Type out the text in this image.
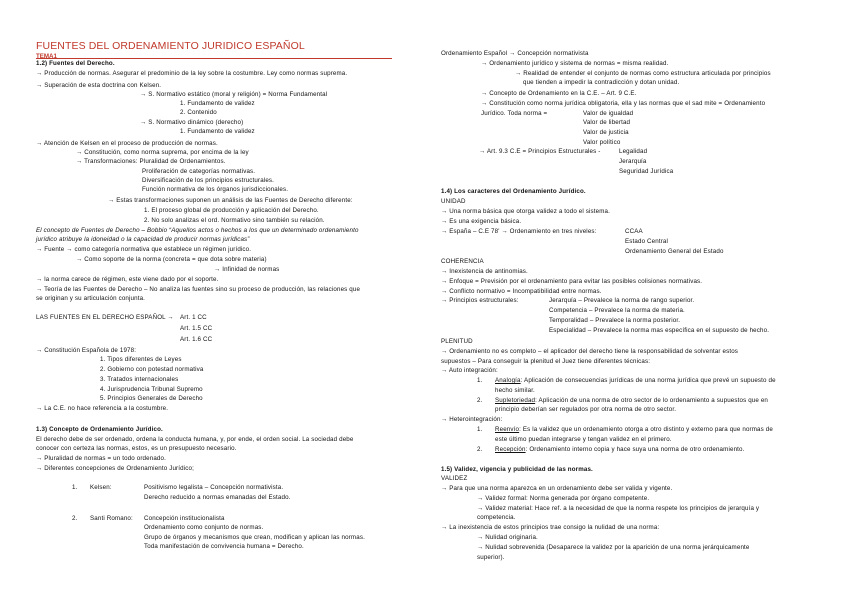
FUENTES DEL ORDENAMIENTO JURIDICO ESPAÑOL
TEMA1
1.2) Fuentes del Derecho.
→ Producción de normas. Asegurar el predominio de la ley sobre la costumbre. Ley como normas suprema.
→ Superación de esta doctrina con Kelsen.
→ S. Normativo estático (moral y religión) = Norma Fundamental
1. Fundamento de validez
2. Contenido
→ S. Normativo dinámico (derecho)
1. Fundamento de validez
→ Atención de Kelsen en el proceso de producción de normas.
→ Constitución, como norma suprema, por encima de la ley
→ Transformaciones: Pluralidad de Ordenamientos.
Proliferación de categorías normativas.
Diversificación de los principios estructurales.
Función normativa de los órganos jurisdiccionales.
→ Estas transformaciones suponen un análisis de las Fuentes de Derecho diferente:
1. El proceso global de producción y aplicación del Derecho.
2. No solo analizas el ord. Normativo sino también su relación.
El concepto de Fuentes de Derecho – Bobbio “Aquellos actos o hechos a los que un determinado ordenamiento
jurídico atribuye la idoneidad o la capacidad de producir normas jurídicas”
→ Fuente → como categoría normativa que establece un régimen jurídico.
→ Como soporte de la norma (concreta = que dota sobre materia)
→ Infinidad de normas
→ la norma carece de régimen, este viene dado por el soporte.
→ Teoría de las Fuentes de Derecho – No analiza las fuentes sino su proceso de producción, las relaciones que
se originan y su articulación conjunta.
LAS FUENTES EN EL DERECHO ESPAÑOL → Art. 1 CC
Art. 1.5 CC
Art. 1.6 CC
→ Constitución Española de 1978:
1. Tipos diferentes de Leyes
2. Gobierno con potestad normativa
3. Tratados internacionales
4. Jurisprudencia Tribunal Supremo
5. Principios Generales de Derecho
→ La C.E. no hace referencia a la costumbre.
1.3) Concepto de Ordenamiento Jurídico.
El derecho debe de ser ordenado, ordena la conducta humana, y, por ende, el orden social. La sociedad debe
conocer con certeza las normas, estos, es un presupuesto necesario.
→ Pluralidad de normas = un todo ordenado.
→ Diferentes concepciones de Ordenamiento Jurídico;
1. Kelsen:	Positivismo legalista – Concepción normativista.
Derecho reducido a normas emanadas del Estado.
2. Santi Romano: Concepción institucionalista
Ordenamiento como conjunto de normas.
Grupo de órganos y mecanismos que crean, modifican y aplican las normas.
Toda manifestación de convivencia humana = Derecho.
Ordenamiento Español → Concepción normativista
→ Ordenamiento jurídico y sistema de normas = misma realidad.
→ Realidad de entender el conjunto de normas como estructura articulada por principios
que tienden a impedir la contradicción y dotan unidad.
→ Concepto de Ordenamiento en la C.E. – Art. 9 C.E.
→ Constitución como norma jurídica obligatoria, ella y las normas que el sad mite = Ordenamiento
Jurídico. Toda norma =	Valor de igualdad
Valor de libertad
Valor de justicia
Valor político
→ Art. 9.3 C.E = Principios Estructurales -	Legalidad
Jerarquía
Seguridad Jurídica
1.4) Los caracteres del Ordenamiento Jurídico.
UNIDAD
→ Una norma básica que otorga validez a todo el sistema.
→ Es una exigencia básica.
→ España – C.E 78' → Ordenamiento en tres niveles:	CCAA
Estado Central
Ordenamiento General del Estado
COHERENCIA
→ Inexistencia de antinomias.
→ Enfoque = Previsión por el ordenamiento para evitar las posibles colisiones normativas.
→ Conflicto normativo = Incompatibilidad entre normas.
→ Principios estructurales:	Jerarquía – Prevalece la norma de rango superior.
Competencia – Prevalece la norma de materia.
Temporalidad – Prevalece la norma posterior.
Especialidad – Prevalece la norma mas específica en el supuesto de hecho.
PLENITUD
→ Ordenamiento no es completo – el aplicador del derecho tiene la responsabilidad de solventar estos
supuestos – Para conseguir la plenitud el Juez tiene diferentes técnicas:
→ Auto integración:
1. Analogía: Aplicación de consecuencias jurídicas de una norma jurídica que prevé un supuesto de
hecho similar.
2. Supletoriedad: Aplicación de una norma de otro sector de lo ordenamiento a supuestos que en
principio deberían ser regulados por otra norma de otro sector.
→ Heterointegración:
1. Reenvío: Es la validez que un ordenamiento otorga a otro distinto y externo para que normas de
este último puedan integrarse y tengan validez en el primero.
2. Recepción: Ordenamiento interno copia y hace suya una norma de otro ordenamiento.
1.5) Validez, vigencia y publicidad de las normas.
VALIDEZ
→ Para que una norma aparezca en un ordenamiento debe ser valida y vigente.
→ Validez formal: Norma generada por órgano competente.
→ Validez material: Hace ref. a la necesidad de que la norma respete los principios de jerarquía y
competencia.
→ La inexistencia de estos principios trae consigo la nulidad de una norma:
→ Nulidad originaria.
→ Nulidad sobrevenida (Desaparece la validez por la aparición de una norma jerárquicamente
superior).
